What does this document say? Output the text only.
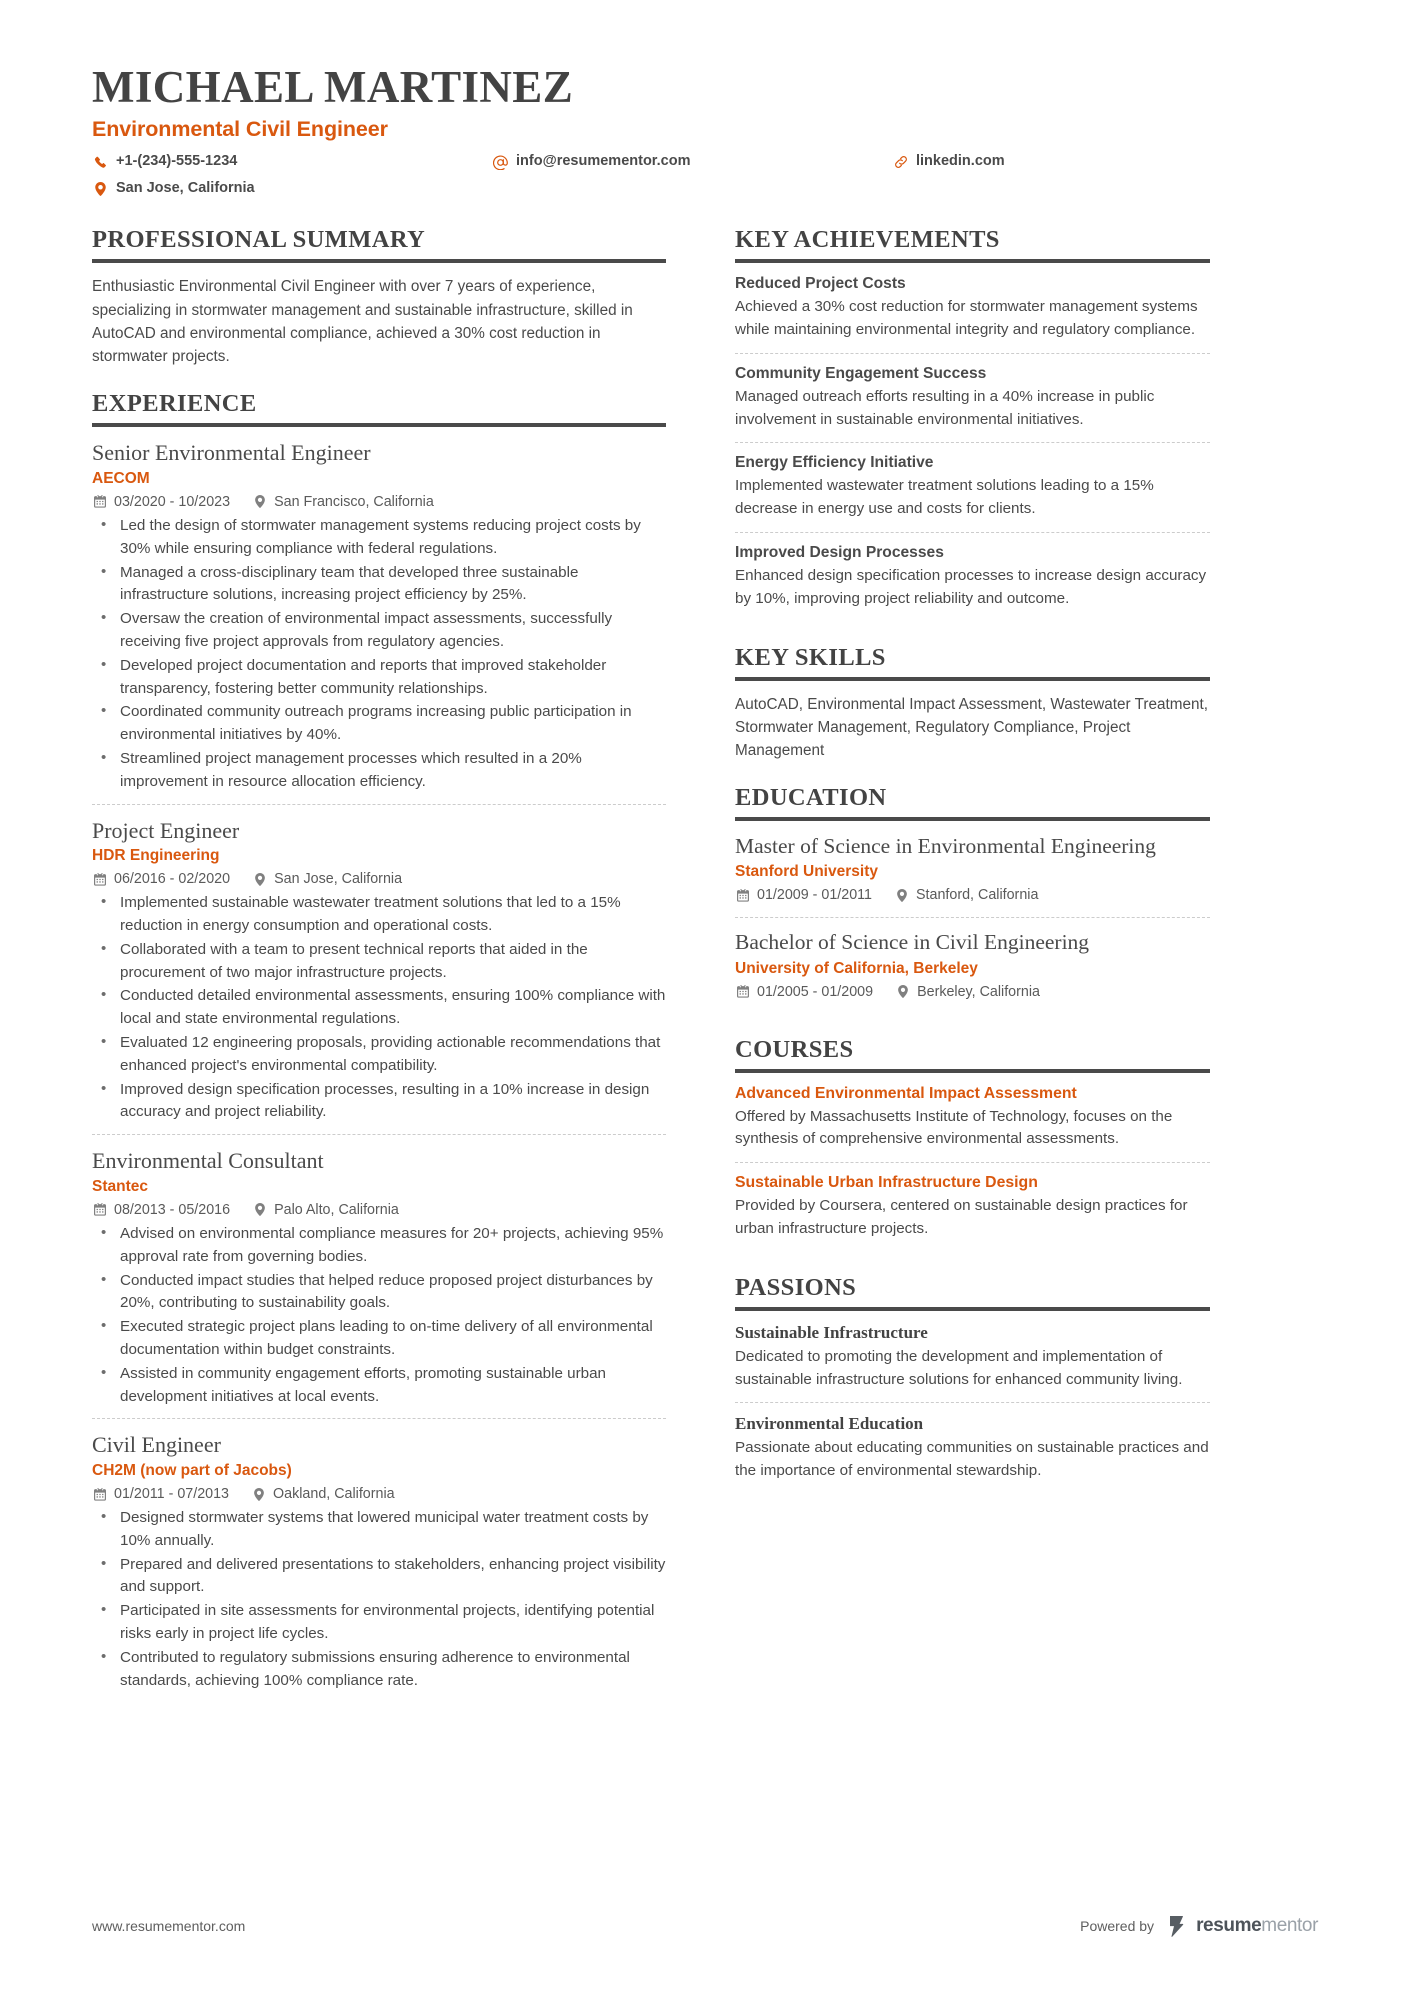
MICHAEL MARTINEZ
Environmental Civil Engineer
+1-(234)-555-1234
San Jose, California
info@resumementor.com	linkedin.com
PROFESSIONAL SUMMARY
Enthusiastic Environmental Civil Engineer with over 7 years of experience, specializing in stormwater management and sustainable infrastructure, skilled in AutoCAD and environmental compliance, achieved a 30% cost reduction in stormwater projects.
EXPERIENCE
Senior Environmental Engineer
AECOM
03/2020 - 10/2023	San Francisco, California
• Led the design of stormwater management systems reducing project costs by 30% while ensuring compliance with federal regulations.
• Managed a cross-disciplinary team that developed three sustainable infrastructure solutions, increasing project efficiency by 25%.
• Oversaw the creation of environmental impact assessments, successfully receiving five project approvals from regulatory agencies.
• Developed project documentation and reports that improved stakeholder transparency, fostering better community relationships.
• Coordinated community outreach programs increasing public participation in environmental initiatives by 40%.
• Streamlined project management processes which resulted in a 20% improvement in resource allocation efficiency.
Project Engineer
HDR Engineering
06/2016 - 02/2020	San Jose, California
• Implemented sustainable wastewater treatment solutions that led to a 15% reduction in energy consumption and operational costs.
• Collaborated with a team to present technical reports that aided in the procurement of two major infrastructure projects.
• Conducted detailed environmental assessments, ensuring 100% compliance with local and state environmental regulations.
• Evaluated 12 engineering proposals, providing actionable recommendations that enhanced project's environmental compatibility.
• Improved design specification processes, resulting in a 10% increase in design accuracy and project reliability.
Environmental Consultant
Stantec
08/2013 - 05/2016	Palo Alto, California
• Advised on environmental compliance measures for 20+ projects, achieving 95% approval rate from governing bodies.
• Conducted impact studies that helped reduce proposed project disturbances by 20%, contributing to sustainability goals.
• Executed strategic project plans leading to on-time delivery of all environmental documentation within budget constraints.
• Assisted in community engagement efforts, promoting sustainable urban development initiatives at local events.
Civil Engineer
CH2M (now part of Jacobs)
01/2011 - 07/2013	Oakland, California
• Designed stormwater systems that lowered municipal water treatment costs by 10% annually.
• Prepared and delivered presentations to stakeholders, enhancing project visibility and support.
• Participated in site assessments for environmental projects, identifying potential risks early in project life cycles.
• Contributed to regulatory submissions ensuring adherence to environmental standards, achieving 100% compliance rate.
KEY ACHIEVEMENTS
Reduced Project Costs
Achieved a 30% cost reduction for stormwater management systems while maintaining environmental integrity and regulatory compliance.
Community Engagement Success
Managed outreach efforts resulting in a 40% increase in public involvement in sustainable environmental initiatives.
Energy Efficiency Initiative
Implemented wastewater treatment solutions leading to a 15% decrease in energy use and costs for clients.
Improved Design Processes
Enhanced design specification processes to increase design accuracy by 10%, improving project reliability and outcome.
KEY SKILLS
AutoCAD, Environmental Impact Assessment, Wastewater Treatment, Stormwater Management, Regulatory Compliance, Project Management
EDUCATION
Master of Science in Environmental Engineering
Stanford University
01/2009 - 01/2011	Stanford, California
Bachelor of Science in Civil Engineering
University of California, Berkeley
01/2005 - 01/2009	Berkeley, California
COURSES
Advanced Environmental Impact Assessment
Offered by Massachusetts Institute of Technology, focuses on the synthesis of comprehensive environmental assessments.
Sustainable Urban Infrastructure Design
Provided by Coursera, centered on sustainable design practices for urban infrastructure projects.
PASSIONS
Sustainable Infrastructure
Dedicated to promoting the development and implementation of sustainable infrastructure solutions for enhanced community living.
Environmental Education
Passionate about educating communities on sustainable practices and the importance of environmental stewardship.
www.resumementor.com	Powered by resumementor
